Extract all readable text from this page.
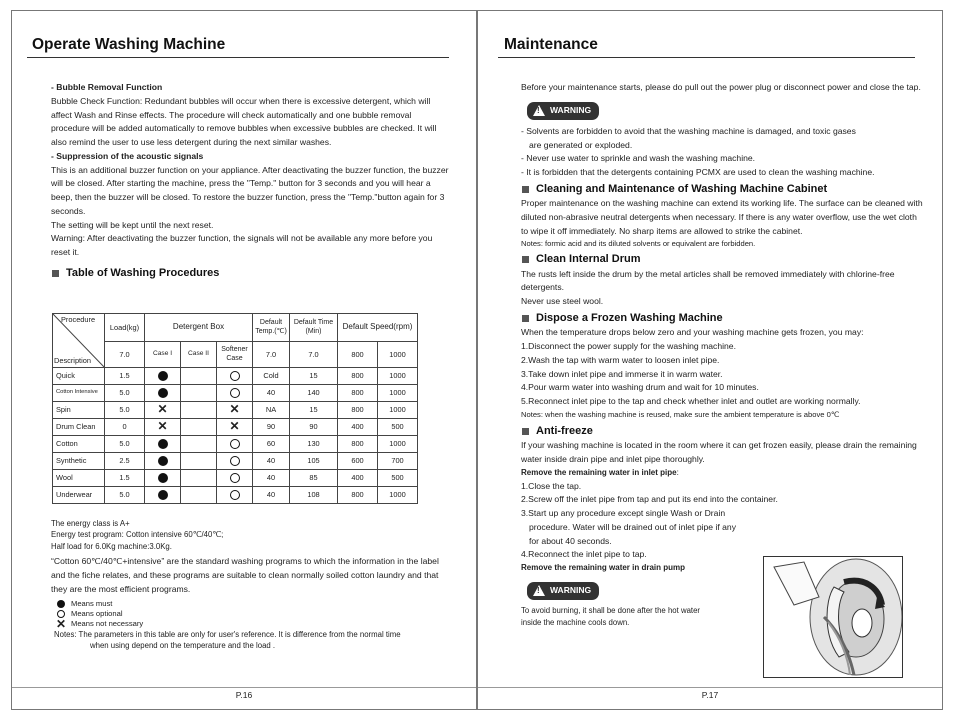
Operate Washing Machine
- Bubble Removal Function
Bubble Check Function: Redundant bubbles will occur when there is excessive detergent, which will affect Wash and Rinse effects. The procedure will check automatically and one bubble removal procedure will be added automatically to remove bubbles when excessive bubbles are checked. It will also remind the user to use less detergent during the next similar washes.
- Suppression of the acoustic signals
This is an additional buzzer function on your appliance. After deactivating the buzzer function, the buzzer will be closed. After starting the machine, press the "Temp." button for 3 seconds and you will hear a beep, then the buzzer will be closed. To restore the buzzer function, press the "Temp."button again for 3 seconds.
The setting will be kept until the next reset.
Warning: After deactivating the buzzer function, the signals will not be available any more before you reset it.
Table of Washing Procedures
Procedure
Description	Load(kg)	Detergent Box			Default Temp.(℃)	Default Time (Min)	Default Speed(rpm)	
	7.0	Case I	Case II	Softener Case	7.0	7.0	800	1000
Quick	1.5				Cold	15	800	1000
Cotton Intensive	5.0				40	140	800	1000
Spin	5.0	✕		✕	NA	15	800	1000
Drum Clean	0	✕		✕	90	90	400	500
Cotton	5.0				60	130	800	1000
Synthetic	2.5				40	105	600	700
Wool	1.5				40	85	400	500
Underwear	5.0				40	108	800	1000
The energy class is A+
Energy test program: Cotton intensive 60℃/40℃;
Half load for 6.0Kg machine:3.0Kg.
“Cotton 60℃/40℃+intensive” are the standard washing programs to which the information in the label and the fiche relates, and these programs are suitable to clean normally soiled cotton laundry and that they are the most efficient programs.
Means must
Means optional
✕ Means not necessary
Notes: The parameters in this table are only for user's reference. It is difference from the normal time
when using depend on the temperature and the load .
P.16
Maintenance
Before your maintenance starts, please do pull out the power plug or disconnect power and close the tap.
! WARNING
- Solvents are forbidden to avoid that the washing machine is damaged, and toxic gases
are generated or exploded.
- Never use water to sprinkle and wash the washing machine.
- It is forbidden that the detergents containing PCMX are used to clean the washing machine.
Cleaning and Maintenance of Washing Machine Cabinet
Proper maintenance on the washing machine can extend its working life. The surface can be cleaned with diluted non-abrasive neutral detergents when necessary. If there is any water overflow, use the wet cloth to wipe it off immediately. No sharp items are allowed to strike the cabinet.
Notes: formic acid and its diluted solvents or equivalent are forbidden.
Clean Internal Drum
The rusts left inside the drum by the metal articles shall be removed immediately with chlorine-free detergents.
Never use steel wool.
Dispose a Frozen Washing Machine
When the temperature drops below zero and your washing machine gets frozen, you may:
1.Disconnect the power supply for the washing machine.
2.Wash the tap with warm water to loosen inlet pipe.
3.Take down inlet pipe and immerse it in warm water.
4.Pour warm water into washing drum and wait for 10 minutes.
5.Reconnect inlet pipe to the tap and check whether inlet and outlet are working normally.
Notes: when the washing machine is reused, make sure the ambient temperature is above 0℃
Anti-freeze
If your washing machine is located in the room where it can get frozen easily, please drain the remaining water inside drain pipe and inlet pipe thoroughly.
Remove the remaining water in inlet pipe:
1.Close the tap.
2.Screw off the inlet pipe from tap and put its end into the container.
3.Start up any procedure except single Wash or Drain
procedure. Water will be drained out of inlet pipe if any
for about 40 seconds.
4.Reconnect the inlet pipe to tap.
Remove the remaining water in drain pump
! WARNING
To avoid burning, it shall be done after the hot water
inside the machine cools down.
P.17
